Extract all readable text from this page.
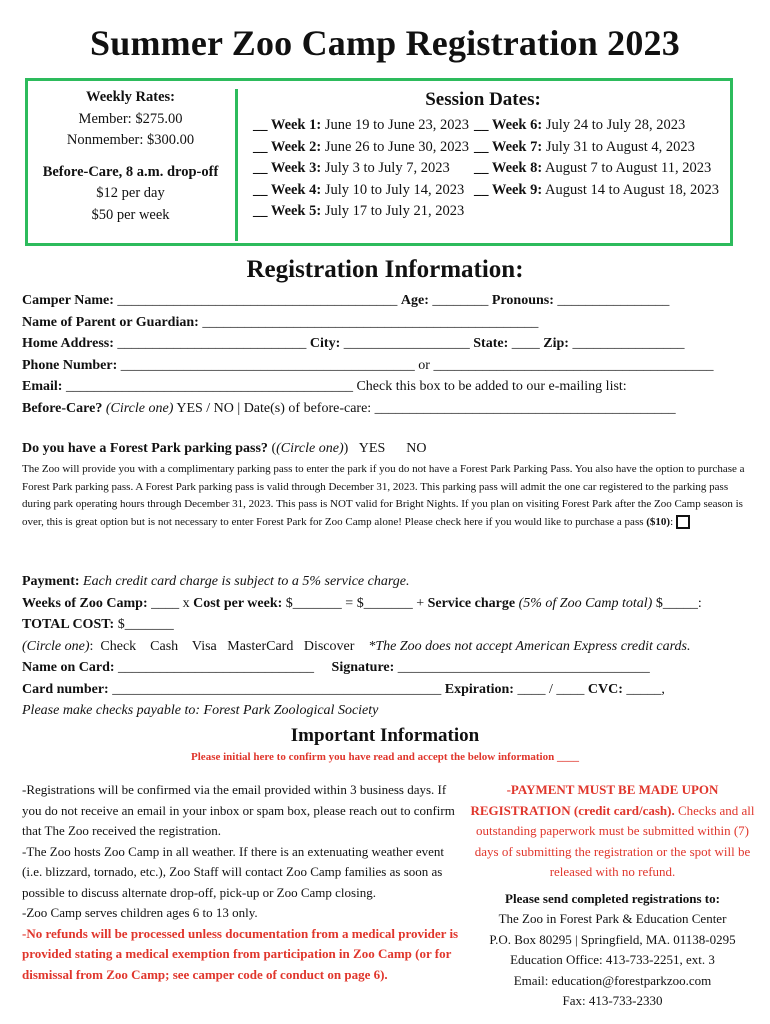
Summer Zoo Camp Registration 2023
Weekly Rates:
Member: $275.00
Nonmember: $300.00
Before-Care, 8 a.m. drop-off
$12 per day
$50 per week
Session Dates:
__ Week 1: June 19 to June 23, 2023
__ Week 2: June 26 to June 30, 2023
__ Week 3: July 3 to July 7, 2023
__ Week 4: July 10 to July 14, 2023
__ Week 5: July 17 to July 21, 2023
__ Week 6: July 24 to July 28, 2023
__ Week 7: July 31 to August 4, 2023
__ Week 8: August 7 to August 11, 2023
__ Week 9: August 14 to August 18, 2023
Registration Information:
Camper Name: ________________________________________ Age: ________ Pronouns: ________________
Name of Parent or Guardian: ________________________________________________
Home Address: ___________________________ City: __________________ State: ____ Zip: ________________
Phone Number: __________________________________________ or ________________________________________
Email: _________________________________________ Check this box to be added to our e-mailing list:
Before-Care? (Circle one) YES / NO | Date(s) of before-care: ___________________________________________
Do you have a Forest Park parking pass? ((Circle one))   YES      NO
The Zoo will provide you with a complimentary parking pass to enter the park if you do not have a Forest Park Parking Pass. You also have the option to purchase a Forest Park parking pass. A Forest Park parking pass is valid through December 31, 2023. This parking pass will admit the one car registered to the parking pass during park operating hours through December 31, 2023. This pass is NOT valid for Bright Nights. If you plan on visiting Forest Park after the Zoo Camp season is over, this is great option but is not necessary to enter Forest Park for Zoo Camp alone! Please check here if you would like to purchase a pass ($10):
Payment: Each credit card charge is subject to a 5% service charge.
Weeks of Zoo Camp: ____ x Cost per week: $_______ = $_______ + Service charge (5% of Zoo Camp total) $_____:
TOTAL COST: $_______
(Circle one):  Check    Cash    Visa   MasterCard   Discover    *The Zoo does not accept American Express credit cards.
Name on Card: ____________________________     Signature: ____________________________________
Card number: _______________________________________________ Expiration: ____ / ____ CVC: _____,
Please make checks payable to: Forest Park Zoological Society
Important Information
Please initial here to confirm you have read and accept the below information ____
-Registrations will be confirmed via the email provided within 3 business days. If you do not receive an email in your inbox or spam box, please reach out to confirm that The Zoo received the registration.
-The Zoo hosts Zoo Camp in all weather. If there is an extenuating weather event (i.e. blizzard, tornado, etc.), Zoo Staff will contact Zoo Camp families as soon as possible to discuss alternate drop-off, pick-up or Zoo Camp closing.
-Zoo Camp serves children ages 6 to 13 only.
-No refunds will be processed unless documentation from a medical provider is provided stating a medical exemption from participation in Zoo Camp (or for dismissal from Zoo Camp; see camper code of conduct on page 6).
-PAYMENT MUST BE MADE UPON REGISTRATION (credit card/cash). Checks and all outstanding paperwork must be submitted within (7) days of submitting the registration or the spot will be released with no refund.
Please send completed registrations to:
The Zoo in Forest Park & Education Center
P.O. Box 80295 | Springfield, MA. 01138-0295
Education Office: 413-733-2251, ext. 3
Email: education@forestparkzoo.com
Fax: 413-733-2330
